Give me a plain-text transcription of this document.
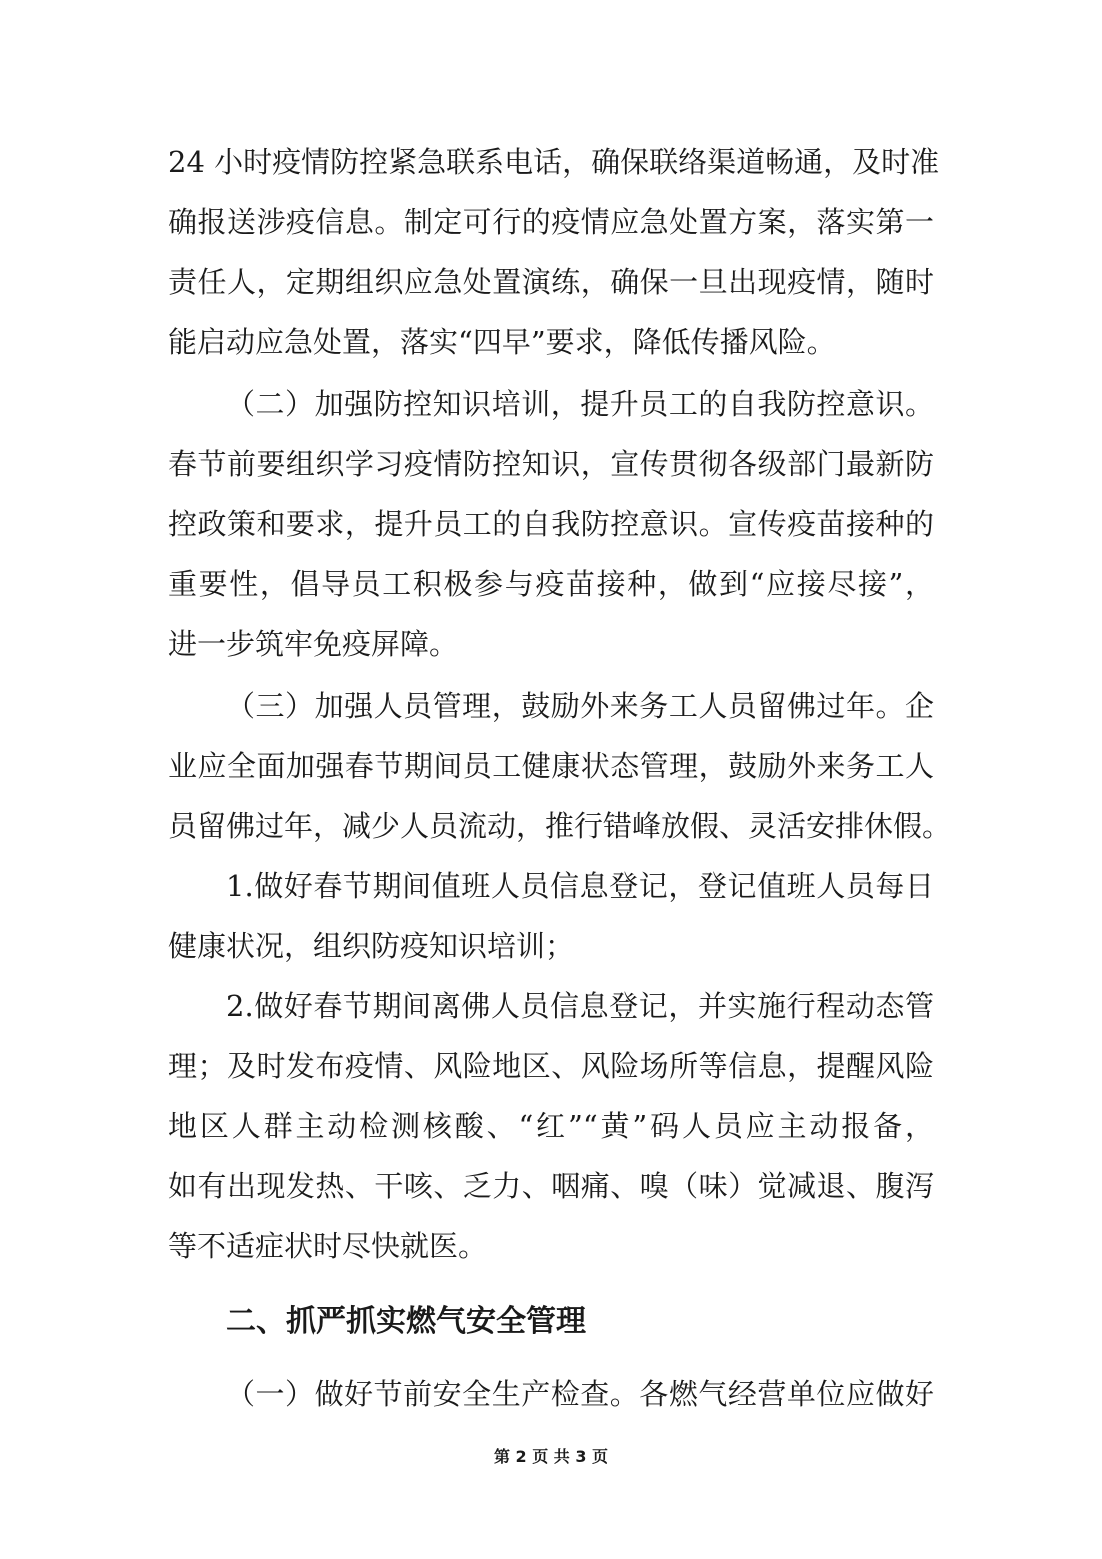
24 小时疫情防控紧急联系电话，确保联络渠道畅通，及时准
确报送涉疫信息。制定可行的疫情应急处置方案，落实第一
责任人，定期组织应急处置演练，确保一旦出现疫情，随时
能启动应急处置，落实“四早”要求，降低传播风险。
（二）加强防控知识培训，提升员工的自我防控意识。
春节前要组织学习疫情防控知识，宣传贯彻各级部门最新防
控政策和要求，提升员工的自我防控意识。宣传疫苗接种的
重要性，倡导员工积极参与疫苗接种，做到“应接尽接”，
进一步筑牢免疫屏障。
（三）加强人员管理，鼓励外来务工人员留佛过年。企
业应全面加强春节期间员工健康状态管理，鼓励外来务工人
员留佛过年，减少人员流动，推行错峰放假、灵活安排休假。
1.做好春节期间值班人员信息登记，登记值班人员每日
健康状况，组织防疫知识培训；
2.做好春节期间离佛人员信息登记，并实施行程动态管
理；及时发布疫情、风险地区、风险场所等信息，提醒风险
地区人群主动检测核酸、“红”“黄”码人员应主动报备，
如有出现发热、干咳、乏力、咽痛、嗅（味）觉减退、腹泻
等不适症状时尽快就医。
二、抓严抓实燃气安全管理
（一）做好节前安全生产检查。各燃气经营单位应做好
第 2 页 共 3 页
